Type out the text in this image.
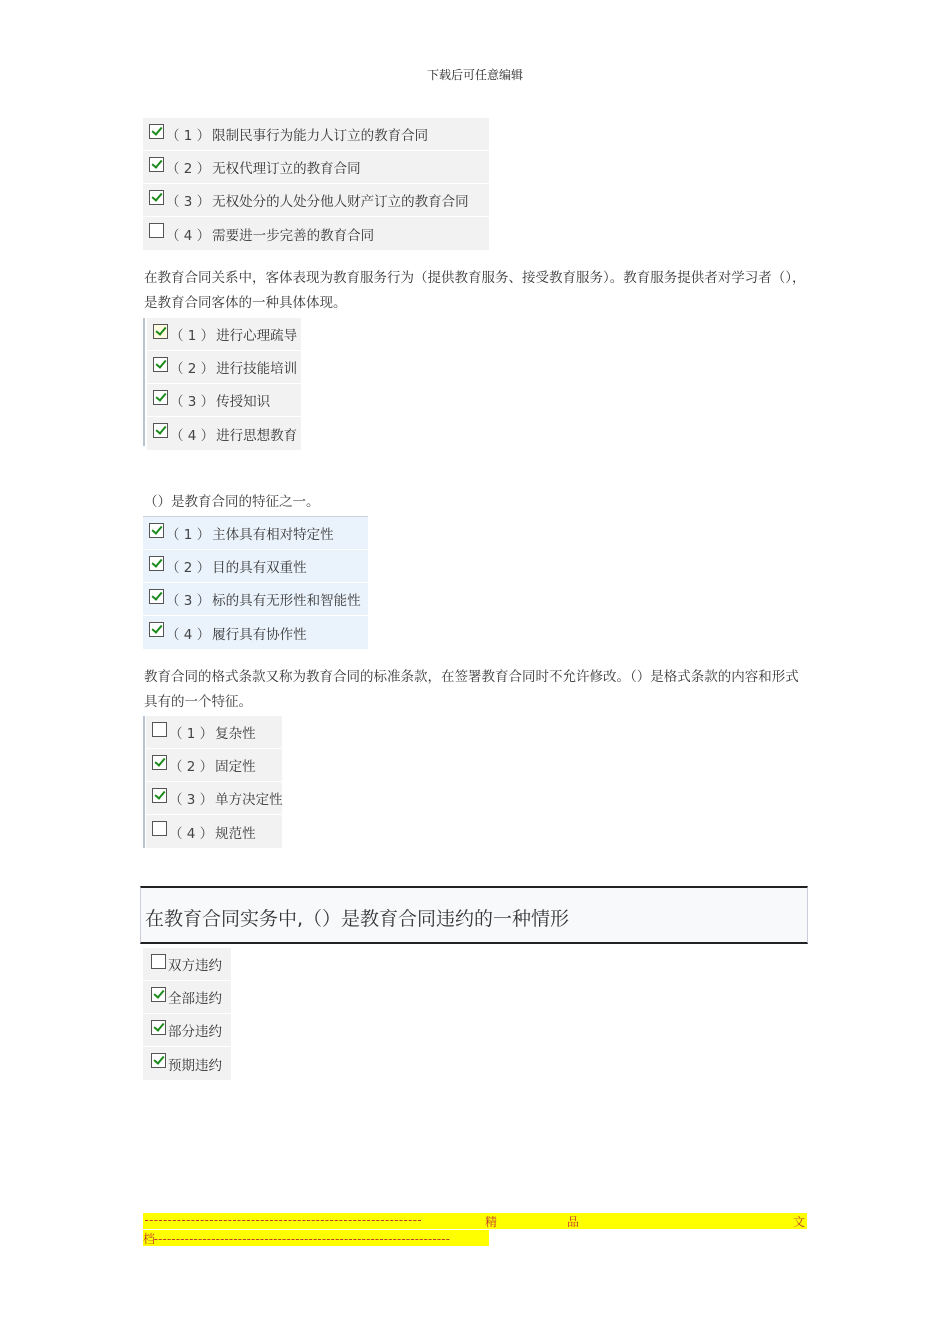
下载后可任意编辑
（ 1 ） 限制民事行为能力人订立的教育合同
（ 2 ） 无权代理订立的教育合同
（ 3 ） 无权处分的人处分他人财产订立的教育合同
（ 4 ） 需要进一步完善的教育合同
在教育合同关系中，客体表现为教育服务行为（提供教育服务、接受教育服务）。教育服务提供者对学习者（），是教育合同客体的一种具体体现。
（ 1 ） 进行心理疏导
（ 2 ） 进行技能培训
（ 3 ） 传授知识
（ 4 ） 进行思想教育
（）是教育合同的特征之一。
（ 1 ） 主体具有相对特定性
（ 2 ） 目的具有双重性
（ 3 ） 标的具有无形性和智能性
（ 4 ） 履行具有协作性
教育合同的格式条款又称为教育合同的标准条款，在签署教育合同时不允许修改。（）是格式条款的内容和形式具有的一个特征。
（ 1 ） 复杂性
（ 2 ） 固定性
（ 3 ） 单方决定性
（ 4 ） 规范性
在教育合同实务中,（）是教育合同违约的一种情形
双方违约
全部违约
部分违约
预期违约
------------------------------------------------------------	精	品	文
档-------------------------------------------------------------------
